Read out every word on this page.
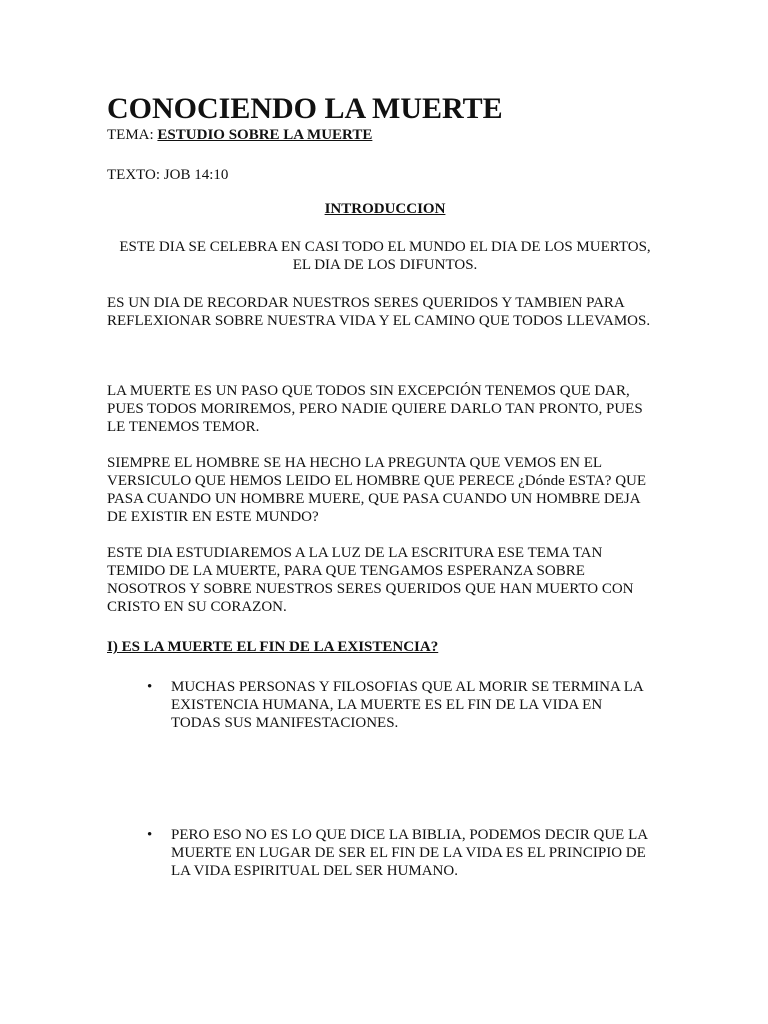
CONOCIENDO LA MUERTE
TEMA: ESTUDIO SOBRE LA MUERTE
TEXTO: JOB 14:10
INTRODUCCION

ESTE DIA SE CELEBRA EN CASI TODO EL MUNDO EL DIA DE LOS MUERTOS,

EL DIA DE LOS DIFUNTOS.

ES UN DIA DE RECORDAR NUESTROS SERES QUERIDOS Y TAMBIEN PARA

REFLEXIONAR SOBRE NUESTRA VIDA Y EL CAMINO QUE TODOS LLEVAMOS.

LA MUERTE ES UN PASO QUE TODOS SIN EXCEPCIÓN TENEMOS QUE DAR,

PUES TODOS MORIREMOS, PERO NADIE QUIERE DARLO TAN PRONTO, PUES

LE TENEMOS TEMOR.

SIEMPRE EL HOMBRE SE HA HECHO LA PREGUNTA QUE VEMOS EN EL

VERSICULO QUE HEMOS LEIDO EL HOMBRE QUE PERECE ¿Dónde ESTA? QUE

PASA CUANDO UN HOMBRE MUERE, QUE PASA CUANDO UN HOMBRE DEJA

DE EXISTIR EN ESTE MUNDO?

ESTE DIA ESTUDIAREMOS A LA LUZ DE LA ESCRITURA ESE TEMA TAN

TEMIDO DE LA MUERTE, PARA QUE TENGAMOS ESPERANZA SOBRE

NOSOTROS Y SOBRE NUESTROS SERES QUERIDOS QUE HAN MUERTO CON

CRISTO EN SU CORAZON.

I) ES LA MUERTE EL FIN DE LA EXISTENCIA?
• MUCHAS PERSONAS Y FILOSOFIAS QUE AL MORIR SE TERMINA LA
EXISTENCIA HUMANA, LA MUERTE ES EL FIN DE LA VIDA EN
TODAS SUS MANIFESTACIONES.
• PERO ESO NO ES LO QUE DICE LA BIBLIA, PODEMOS DECIR QUE LA
MUERTE EN LUGAR DE SER EL FIN DE LA VIDA ES EL PRINCIPIO DE
LA VIDA ESPIRITUAL DEL SER HUMANO.
